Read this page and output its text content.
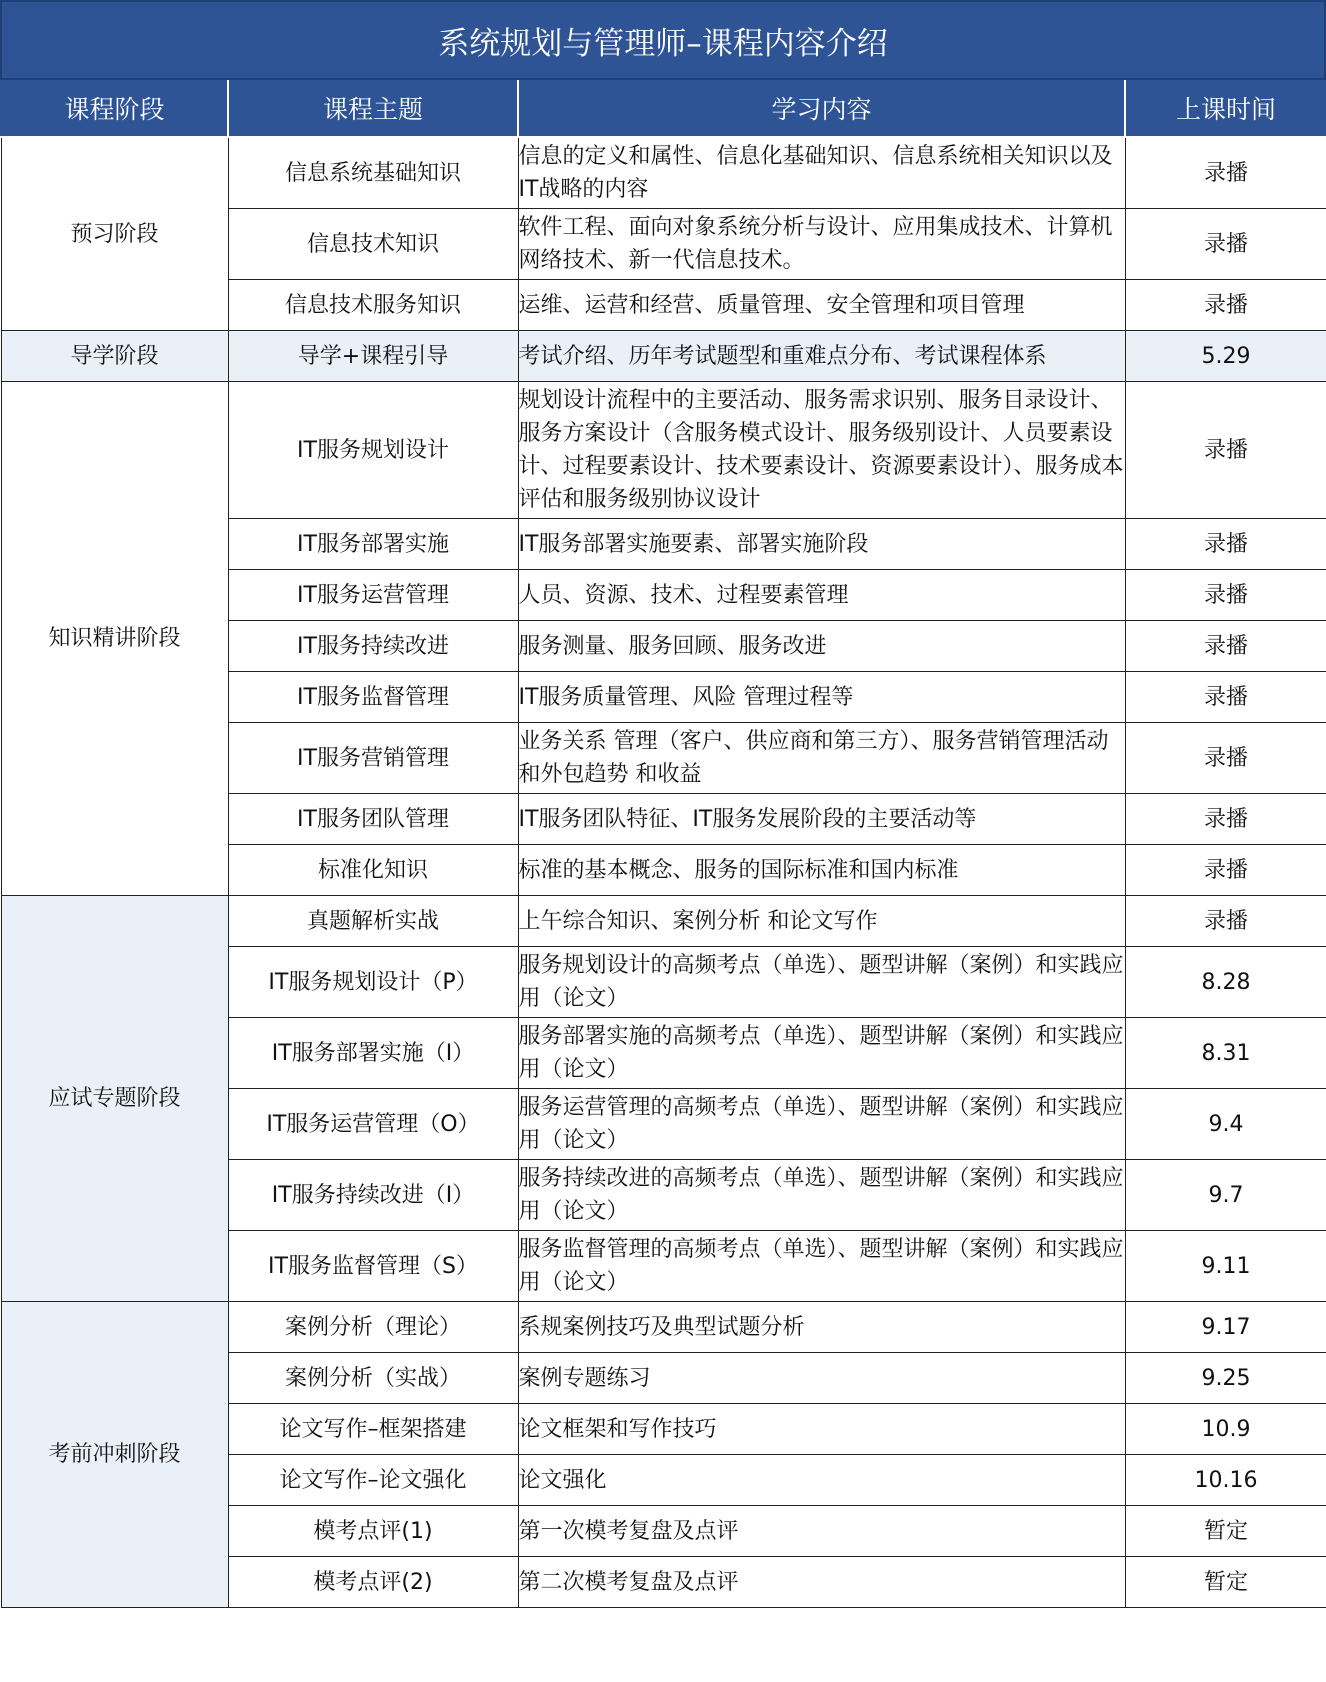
系统规划与管理师–课程内容介绍
课程阶段	课程主题	学习内容	上课时间
预习阶段	信息系统基础知识	信息的定义和属性、信息化基础知识、信息系统相关知识以及IT战略的内容	录播
	信息技术知识	软件工程、面向对象系统分析与设计、应用集成技术、计算机网络技术、新一代信息技术。	录播
	信息技术服务知识	运维、运营和经营、质量管理、安全管理和项目管理	录播
导学阶段	导学+课程引导	考试介绍、历年考试题型和重难点分布、考试课程体系	5.29
知识精讲阶段	IT服务规划设计	规划设计流程中的主要活动、服务需求识别、服务目录设计、服务方案设计（含服务模式设计、服务级别设计、人员要素设计、过程要素设计、技术要素设计、资源要素设计）、服务成本评估和服务级别协议设计	录播
	IT服务部署实施	IT服务部署实施要素、部署实施阶段	录播
	IT服务运营管理	人员、资源、技术、过程要素管理	录播
	IT服务持续改进	服务测量、服务回顾、服务改进	录播
	IT服务监督管理	IT服务质量管理、风险 管理过程等	录播
	IT服务营销管理	业务关系 管理（客户、供应商和第三方）、服务营销管理活动和外包趋势 和收益	录播
	IT服务团队管理	IT服务团队特征、IT服务发展阶段的主要活动等	录播
	标准化知识	标准的基本概念、服务的国际标准和国内标准	录播
应试专题阶段	真题解析实战	上午综合知识、案例分析 和论文写作	录播
	IT服务规划设计（P）	服务规划设计的高频考点（单选）、题型讲解（案例）和实践应用（论文）	8.28
	IT服务部署实施（I）	服务部署实施的高频考点（单选）、题型讲解（案例）和实践应用（论文）	8.31
	IT服务运营管理（O）	服务运营管理的高频考点（单选）、题型讲解（案例）和实践应用（论文）	9.4
	IT服务持续改进（I）	服务持续改进的高频考点（单选）、题型讲解（案例）和实践应用（论文）	9.7
	IT服务监督管理（S）	服务监督管理的高频考点（单选）、题型讲解（案例）和实践应用（论文）	9.11
考前冲刺阶段	案例分析（理论）	系规案例技巧及典型试题分析	9.17
	案例分析（实战）	案例专题练习	9.25
	论文写作–框架搭建	论文框架和写作技巧	10.9
	论文写作–论文强化	论文强化	10.16
	模考点评(1)	第一次模考复盘及点评	暂定
	模考点评(2)	第二次模考复盘及点评	暂定
